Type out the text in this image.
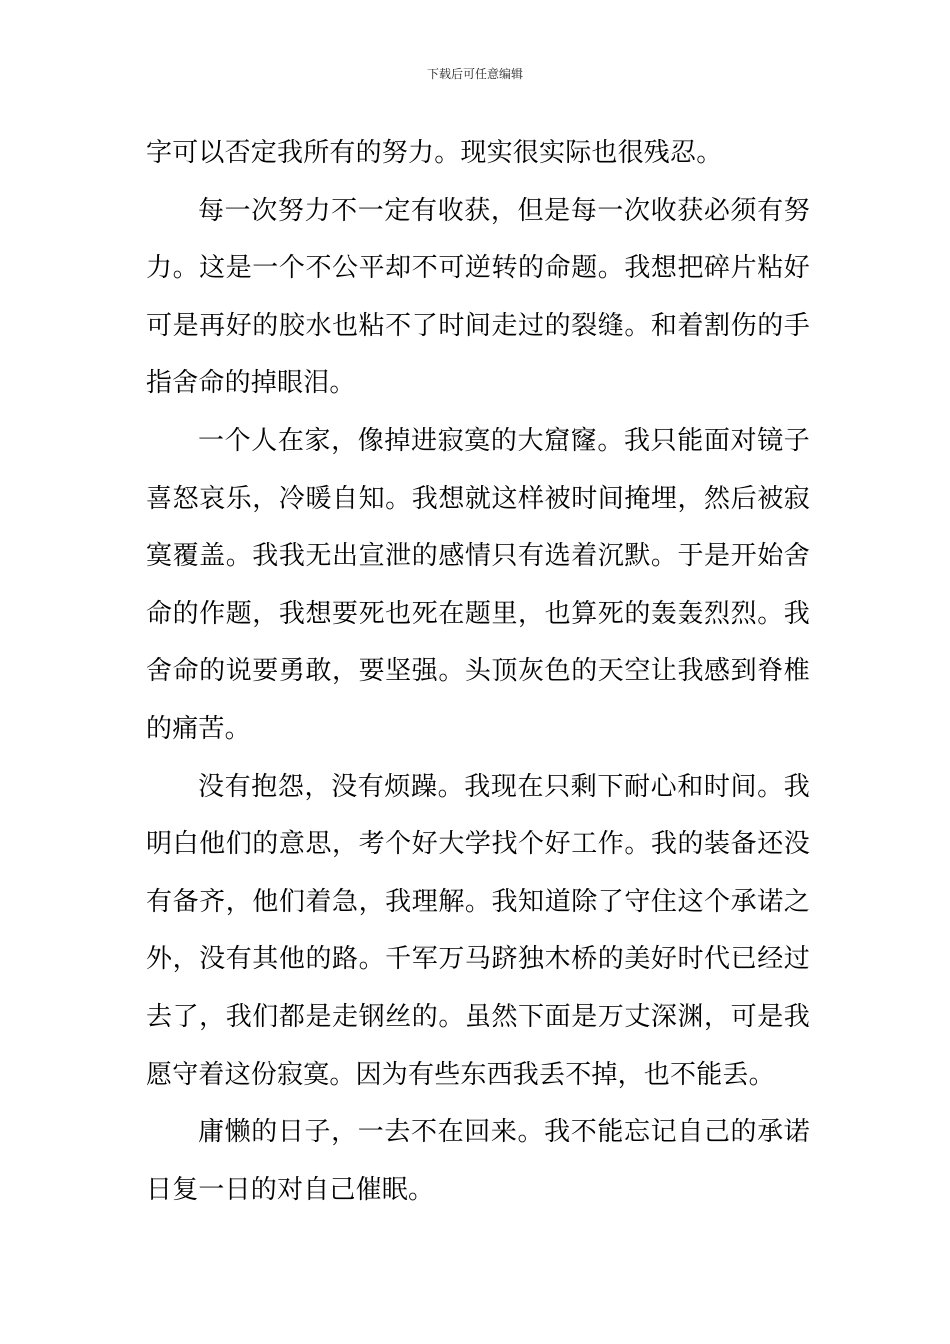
下载后可任意编辑

字可以否定我所有的努力。现实很实际也很残忍。

每一次努力不一定有收获，但是每一次收获必须有努力。这是一个不公平却不可逆转的命题。我想把碎片粘好可是再好的胶水也粘不了时间走过的裂缝。和着割伤的手指舍命的掉眼泪。

一个人在家，像掉进寂寞的大窟窿。我只能面对镜子喜怒哀乐，冷暖自知。我想就这样被时间掩埋，然后被寂寞覆盖。我我无出宣泄的感情只有选着沉默。于是开始舍命的作题，我想要死也死在题里，也算死的轰轰烈烈。我舍命的说要勇敢，要坚强。头顶灰色的天空让我感到脊椎的痛苦。

没有抱怨，没有烦躁。我现在只剩下耐心和时间。我明白他们的意思，考个好大学找个好工作。我的装备还没有备齐，他们着急，我理解。我知道除了守住这个承诺之外，没有其他的路。千军万马跻独木桥的美好时代已经过去了，我们都是走钢丝的。虽然下面是万丈深渊，可是我愿守着这份寂寞。因为有些东西我丢不掉，也不能丢。

庸懒的日子，一去不在回来。我不能忘记自己的承诺日复一日的对自己催眠。
